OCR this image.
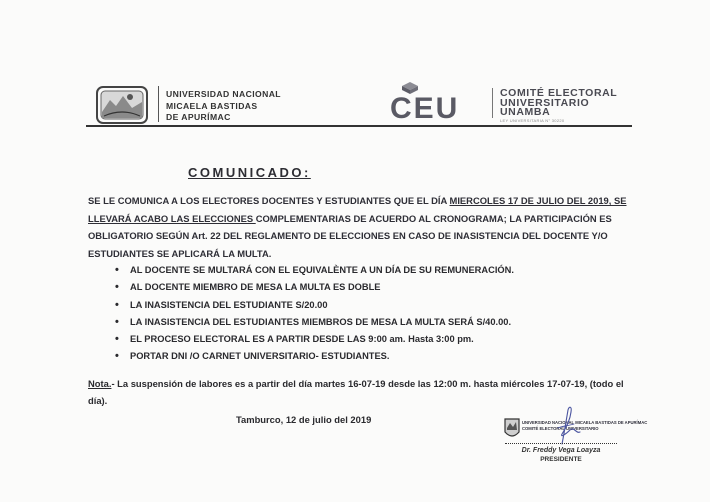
UNIVERSIDAD NACIONAL
MICAELA BASTIDAS
DE APURÍMAC	CEU	COMITÉ ELECTORAL
UNIVERSITARIO
UNAMBA
LEY UNIVERSITARIA N° 30220
COMUNICADO:
SE LE COMUNICA A LOS ELECTORES DOCENTES Y ESTUDIANTES QUE EL DÍA MIERCOLES 17 DE JULIO DEL 2019, SE LLEVARÁ ACABO LAS ELECCIONES COMPLEMENTARIAS DE ACUERDO AL CRONOGRAMA; LA PARTICIPACIÓN ES OBLIGATORIO SEGÚN Art. 22 DEL REGLAMENTO DE ELECCIONES EN CASO DE INASISTENCIA DEL DOCENTE Y/O ESTUDIANTES SE APLICARÁ LA MULTA.
• AL DOCENTE SE MULTARÁ CON EL EQUIVALÈNTE A UN DÍA DE SU REMUNERACIÓN.
• AL DOCENTE MIEMBRO DE MESA LA MULTA ES DOBLE
• LA INASISTENCIA DEL ESTUDIANTE S/20.00
• LA INASISTENCIA DEL ESTUDIANTES MIEMBROS DE MESA LA MULTA SERÁ S/40.00.
• EL PROCESO ELECTORAL ES A PARTIR DESDE LAS 9:00 am. Hasta 3:00 pm.
• PORTAR DNI /O CARNET UNIVERSITARIO- ESTUDIANTES.
Nota.- La suspensión de labores es a partir del día martes 16-07-19 desde las 12:00 m. hasta miércoles 17-07-19, (todo el día).
Tamburco, 12 de julio del 2019	UNIVERSIDAD NACIONAL MICAELA BASTIDAS DE APURÍMAC
COMITÉ ELECTORAL UNIVERSITARIO
Dr. Freddy Vega Loayza
PRESIDENTE
